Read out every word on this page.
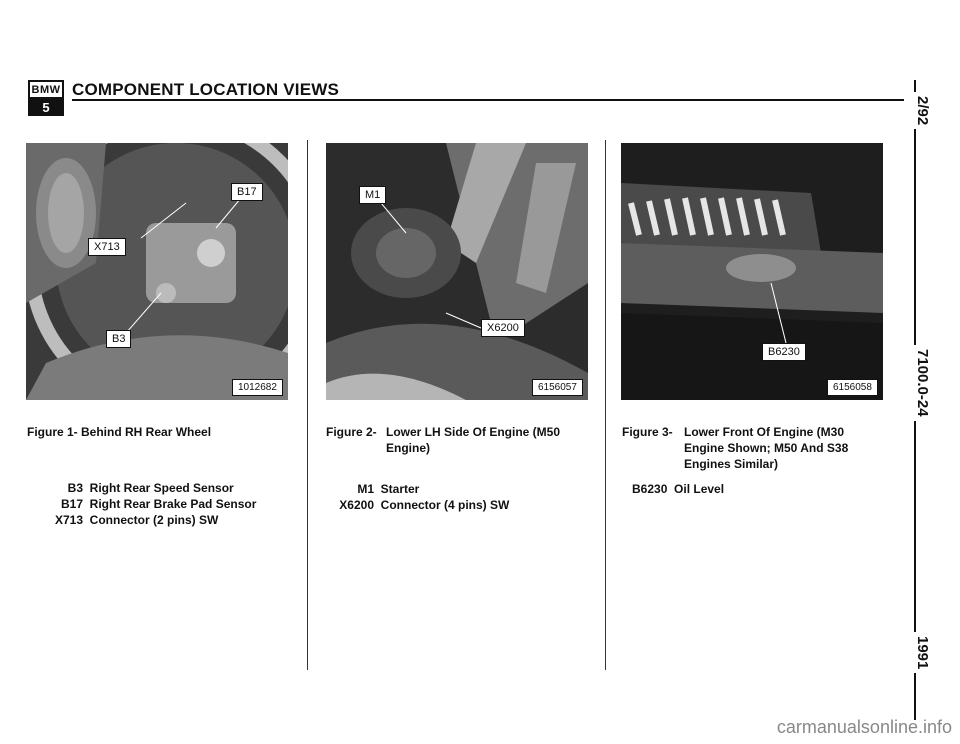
BMW
5
COMPONENT LOCATION VIEWS
2/92
7100.0-24
1991
B17
X713
B3
1012682
M1
X6200
6156057
B6230
6156058
Figure 1- Behind RH Rear Wheel
B3 Right Rear Speed Sensor
B17 Right Rear Brake Pad Sensor
X713 Connector (2 pins) SW
Figure 2- Lower LH Side Of Engine (M50
Engine)
M1 Starter
X6200 Connector (4 pins) SW
Figure 3- Lower Front Of Engine (M30
Engine Shown; M50 And S38
Engines Similar)
B6230 Oil Level
carmanualsonline.info
